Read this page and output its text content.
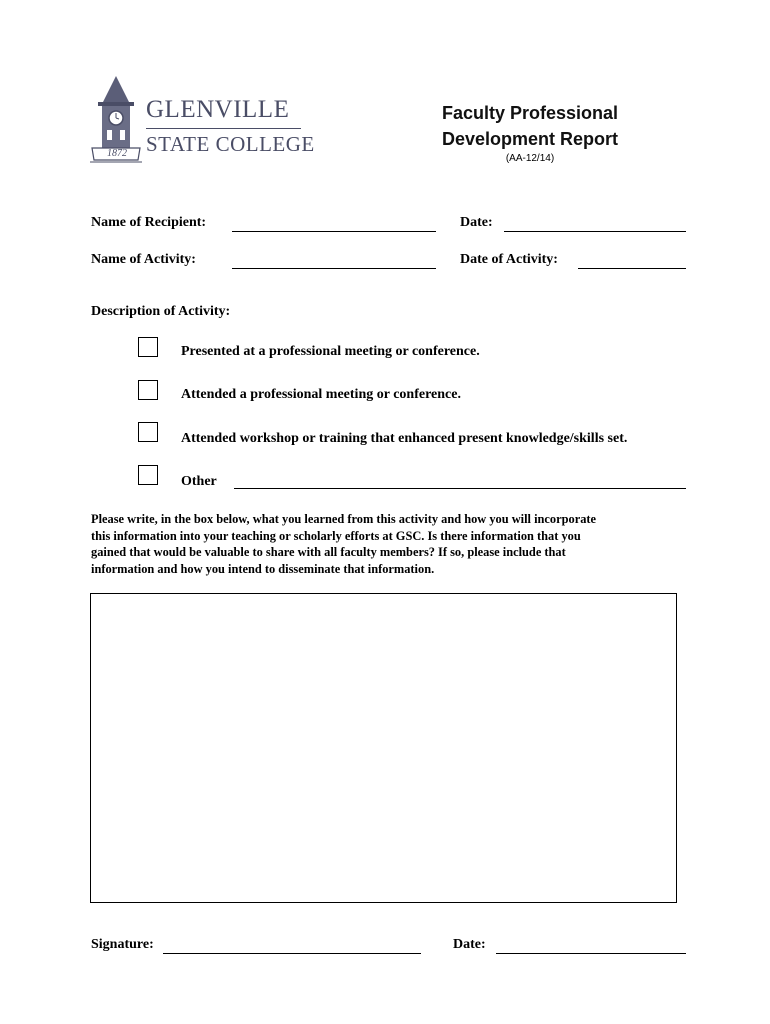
1872
GLENVILLE
STATE COLLEGE
Faculty Professional
Development Report
(AA-12/14)
Name of Recipient:	Date:
Name of Activity:	Date of Activity:
Description of Activity:
Presented at a professional meeting or conference.
Attended a professional meeting or conference.
Attended workshop or training that enhanced present knowledge/skills set.
Other
Please write, in the box below, what you learned from this activity and how you will incorporate
this information into your teaching or scholarly efforts at GSC. Is there information that you
gained that would be valuable to share with all faculty members? If so, please include that
information and how you intend to disseminate that information.
Signature:	Date:
